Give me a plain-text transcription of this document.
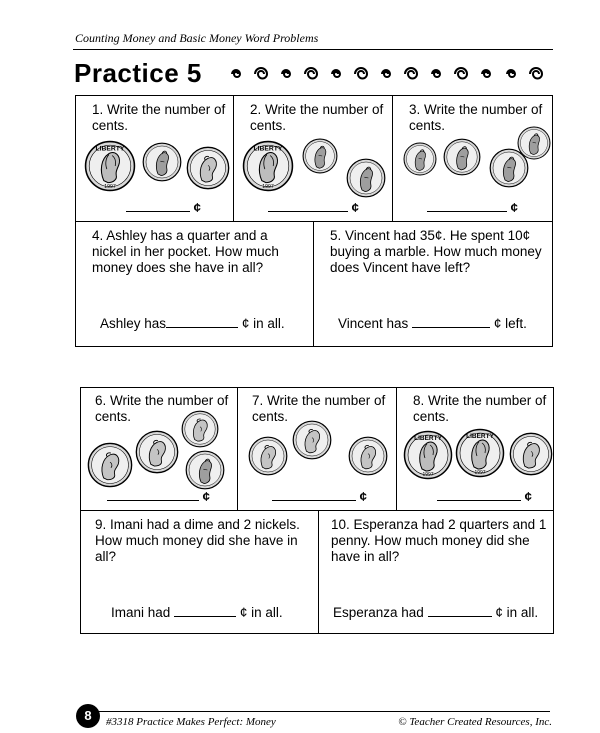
Counting Money and Basic Money Word Problems
Practice 5
1. Write the number of cents.
LIBERTY
1997
¢
2. Write the number of cents.
LIBERTY
1997
¢
3. Write the number of cents.
¢
4. Ashley has a quarter and a nickel in her pocket. How much money does she have in all?
Ashley has	¢ in all.
5. Vincent had 35¢. He spent 10¢ buying a marble. How much money does Vincent have left?
Vincent has	¢ left.
6. Write the number of cents.
¢
7. Write the number of cents.
¢
8. Write the number of cents.
LIBERTY
1997
LIBERTY
1997
¢
9. Imani had a dime and 2 nickels. How much money did she have in all?
Imani had	¢ in all.
10. Esperanza had 2 quarters and 1 penny. How much money did she have in all?
Esperanza had	¢ in all.
8	#3318 Practice Makes Perfect: Money	© Teacher Created Resources, Inc.
